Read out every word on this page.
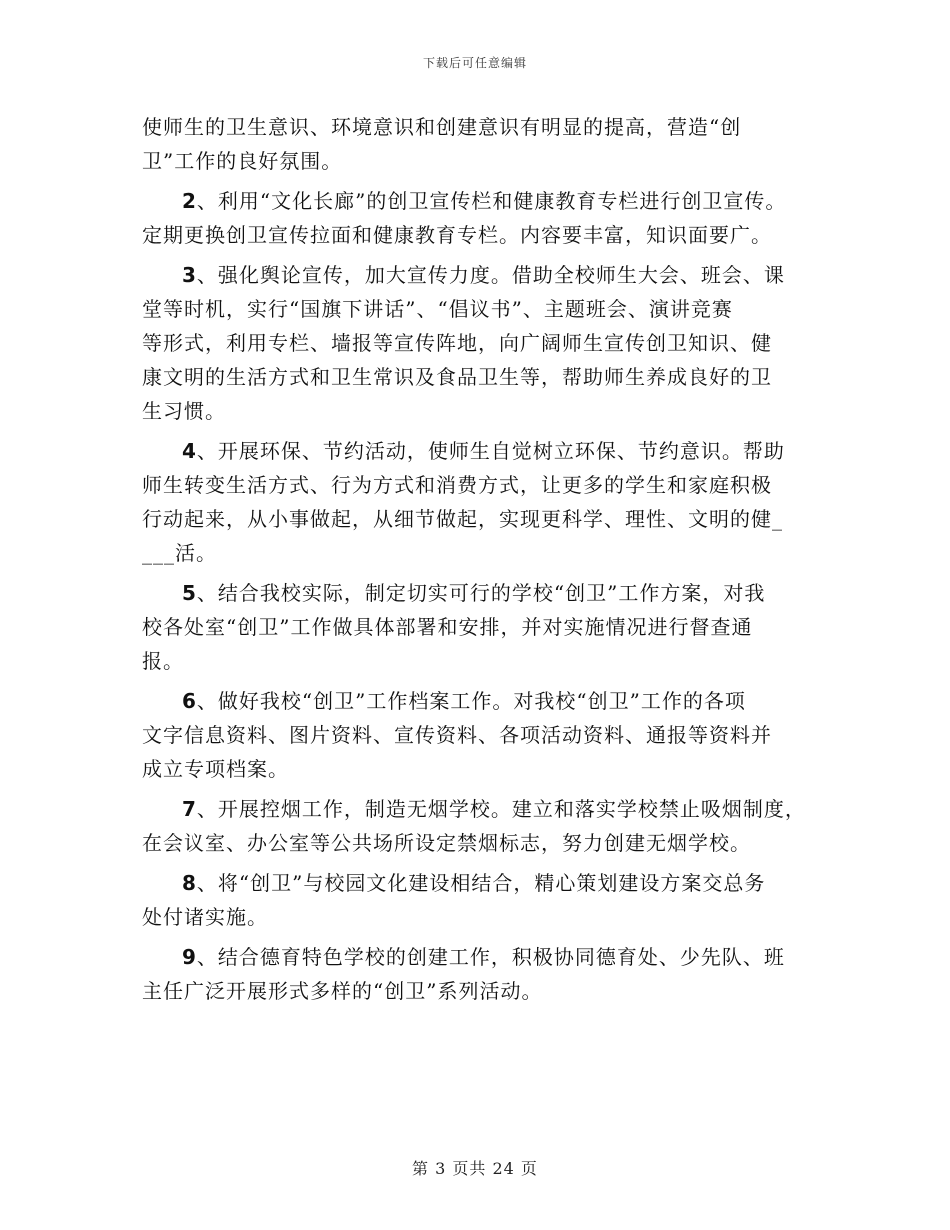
下载后可任意编辑
使师生的卫生意识、环境意识和创建意识有明显的提高，营造“创
卫”工作的良好氛围。
2、利用“文化长廊”的创卫宣传栏和健康教育专栏进行创卫宣传。
定期更换创卫宣传拉面和健康教育专栏。内容要丰富，知识面要广。
3、强化舆论宣传，加大宣传力度。借助全校师生大会、班会、课
堂等时机，实行“国旗下讲话”、“倡议书”、主题班会、演讲竞赛
等形式，利用专栏、墙报等宣传阵地，向广阔师生宣传创卫知识、健
康文明的生活方式和卫生常识及食品卫生等，帮助师生养成良好的卫
生习惯。
4、开展环保、节约活动，使师生自觉树立环保、节约意识。帮助
师生转变生活方式、行为方式和消费方式，让更多的学生和家庭积极
行动起来，从小事做起，从细节做起，实现更科学、理性、文明的健_
___活。
5、结合我校实际，制定切实可行的学校“创卫”工作方案，对我
校各处室“创卫”工作做具体部署和安排，并对实施情况进行督查通
报。
6、做好我校“创卫”工作档案工作。对我校“创卫”工作的各项
文字信息资料、图片资料、宣传资料、各项活动资料、通报等资料并
成立专项档案。
7、开展控烟工作，制造无烟学校。建立和落实学校禁止吸烟制度，
在会议室、办公室等公共场所设定禁烟标志，努力创建无烟学校。
8、将“创卫”与校园文化建设相结合，精心策划建设方案交总务
处付诸实施。
9、结合德育特色学校的创建工作，积极协同德育处、少先队、班
主任广泛开展形式多样的“创卫”系列活动。
第 3 页共 24 页
